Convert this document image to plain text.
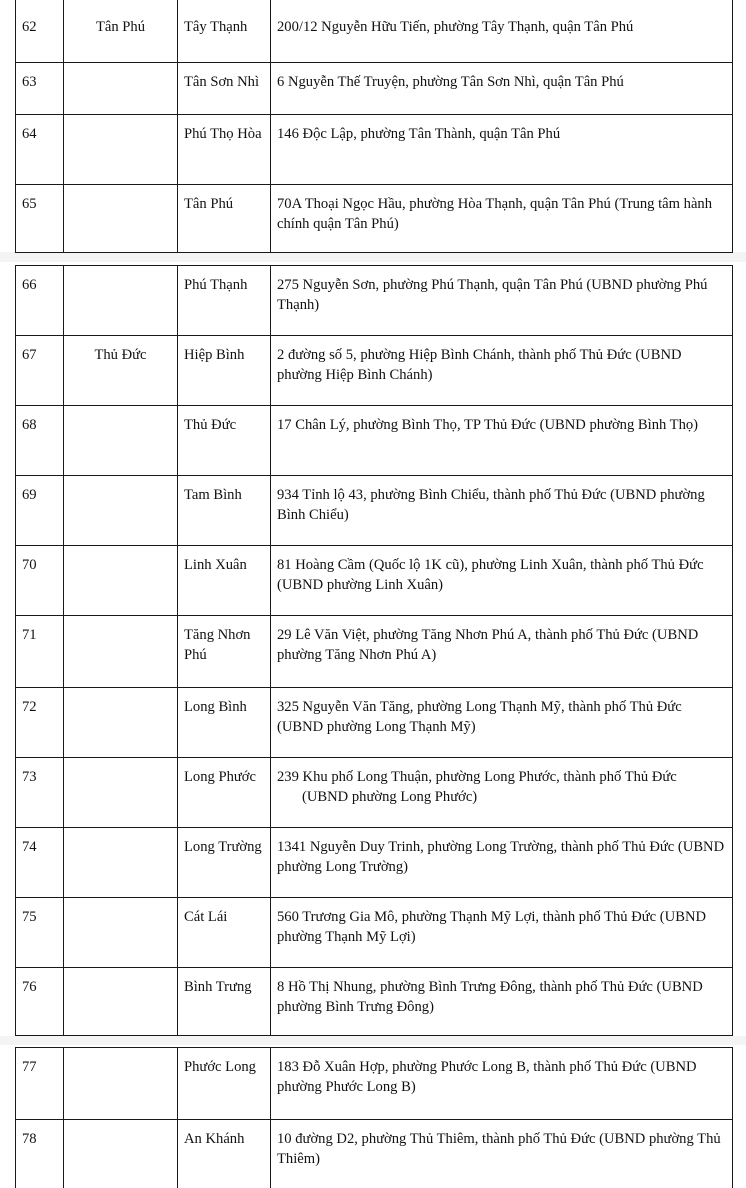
62	Tân Phú	Tây Thạnh	200/12 Nguyễn Hữu Tiến, phường Tây Thạnh, quận Tân Phú
63		Tân Sơn Nhì	6 Nguyễn Thế Truyện, phường Tân Sơn Nhì, quận Tân Phú
64		Phú Thọ Hòa	146 Độc Lập, phường Tân Thành, quận Tân Phú
65		Tân Phú	70A Thoại Ngọc Hầu, phường Hòa Thạnh, quận Tân Phú (Trung tâm hành chính quận Tân Phú)
66		Phú Thạnh	275 Nguyễn Sơn, phường Phú Thạnh, quận Tân Phú (UBND phường Phú Thạnh)
67	Thủ Đức	Hiệp Bình	2 đường số 5, phường Hiệp Bình Chánh, thành phố Thủ Đức (UBND phường Hiệp Bình Chánh)
68		Thủ Đức	17 Chân Lý, phường Bình Thọ, TP Thủ Đức (UBND phường Bình Thọ)
69		Tam Bình	934 Tỉnh lộ 43, phường Bình Chiểu, thành phố Thủ Đức (UBND phường Bình Chiểu)
70		Linh Xuân	81 Hoàng Cầm (Quốc lộ 1K cũ), phường Linh Xuân, thành phố Thủ Đức (UBND phường Linh Xuân)
71		Tăng Nhơn Phú	29 Lê Văn Việt, phường Tăng Nhơn Phú A, thành phố Thủ Đức (UBND phường Tăng Nhơn Phú A)
72		Long Bình	325 Nguyễn Văn Tăng, phường Long Thạnh Mỹ, thành phố Thủ Đức (UBND phường Long Thạnh Mỹ)
73		Long Phước	239 Khu phố Long Thuận, phường Long Phước, thành phố Thủ Đức
(UBND phường Long Phước)
74		Long Trường	1341 Nguyễn Duy Trinh, phường Long Trường, thành phố Thủ Đức (UBND phường Long Trường)
75		Cát Lái	560 Trương Gia Mô, phường Thạnh Mỹ Lợi, thành phố Thủ Đức (UBND phường Thạnh Mỹ Lợi)
76		Bình Trưng	8 Hồ Thị Nhung, phường Bình Trưng Đông, thành phố Thủ Đức (UBND phường Bình Trưng Đông)
77		Phước Long	183 Đỗ Xuân Hợp, phường Phước Long B, thành phố Thủ Đức (UBND phường Phước Long B)
78		An Khánh	10 đường D2, phường Thủ Thiêm, thành phố Thủ Đức (UBND phường Thủ Thiêm)
